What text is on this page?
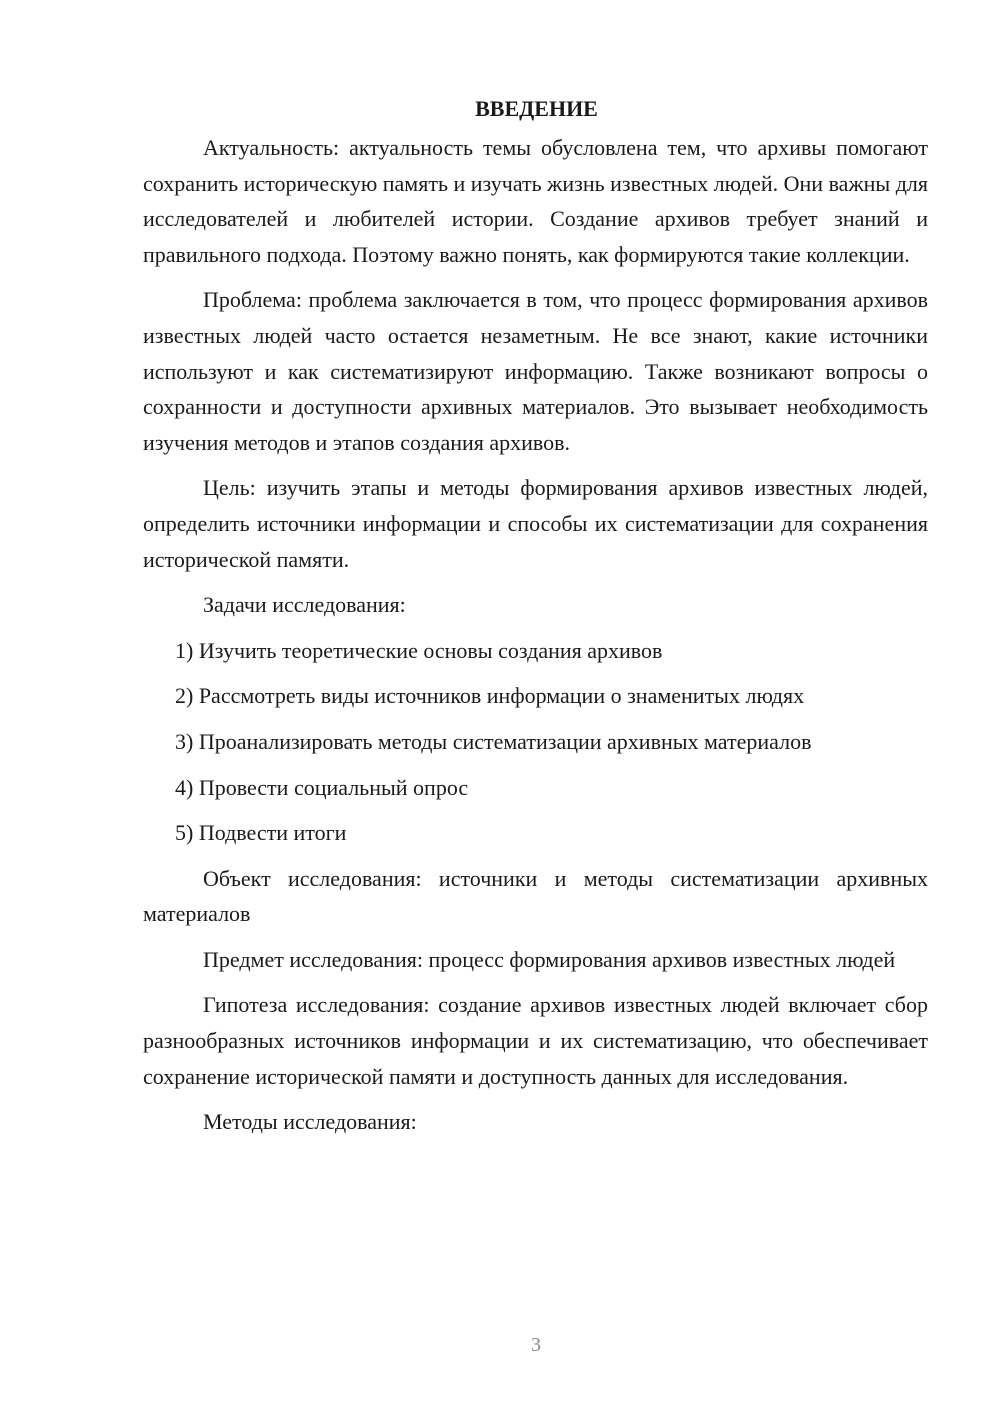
ВВЕДЕНИЕ

Актуальность: актуальность темы обусловлена тем, что архивы помогают сохранить историческую память и изучать жизнь известных людей. Они важны для исследователей и любителей истории. Создание архивов требует знаний и правильного подхода. Поэтому важно понять, как формируются такие коллекции.

Проблема: проблема заключается в том, что процесс формирования архивов известных людей часто остается незаметным. Не все знают, какие источники используют и как систематизируют информацию. Также возникают вопросы о сохранности и доступности архивных материалов. Это вызывает необходимость изучения методов и этапов создания архивов.

Цель: изучить этапы и методы формирования архивов известных людей, определить источники информации и способы их систематизации для сохранения исторической памяти.

Задачи исследования:

1) Изучить теоретические основы создания архивов
2) Рассмотреть виды источников информации о знаменитых людях
3) Проанализировать методы систематизации архивных материалов
4) Провести социальный опрос
5) Подвести итоги

Объект исследования: источники и методы систематизации архивных материалов

Предмет исследования: процесс формирования архивов известных людей

Гипотеза исследования: создание архивов известных людей включает сбор разнообразных источников информации и их систематизацию, что обеспечивает сохранение исторической памяти и доступность данных для исследования.

Методы исследования:

3
